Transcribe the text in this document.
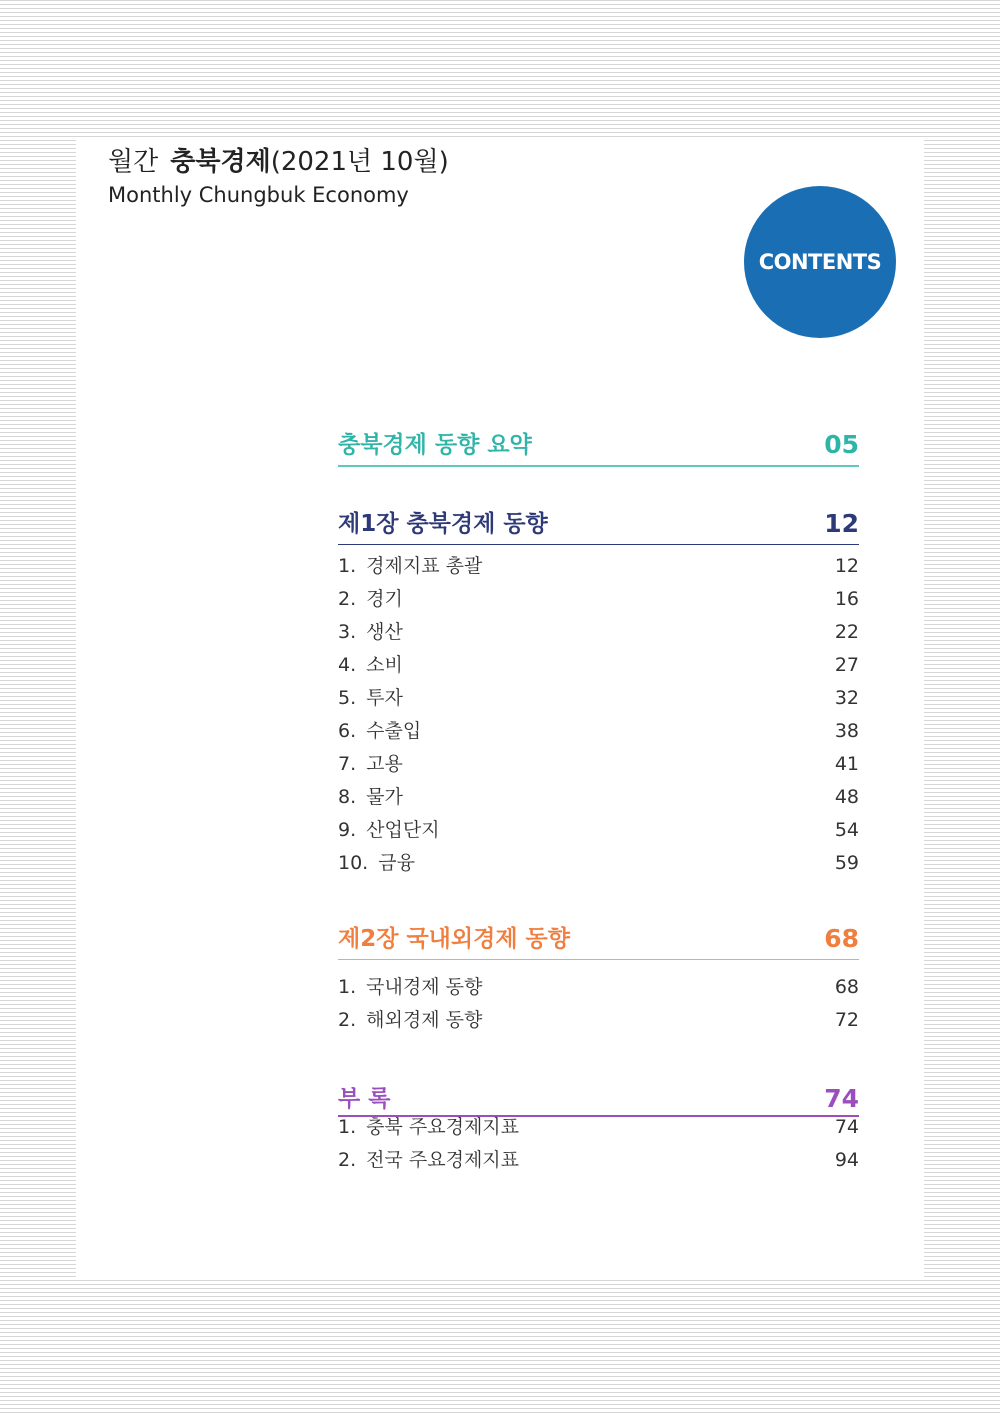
월간 충북경제(2021년 10월)
Monthly Chungbuk Economy
CONTENTS
충북경제 동향 요약	05
제1장 충북경제 동향	12
1. 경제지표 총괄	12
2. 경기	16
3. 생산	22
4. 소비	27
5. 투자	32
6. 수출입	38
7. 고용	41
8. 물가	48
9. 산업단지	54
10. 금융	59
제2장 국내외경제 동향	68
1. 국내경제 동향	68
2. 해외경제 동향	72
부 록	74
1. 충북 주요경제지표	74
2. 전국 주요경제지표	94
